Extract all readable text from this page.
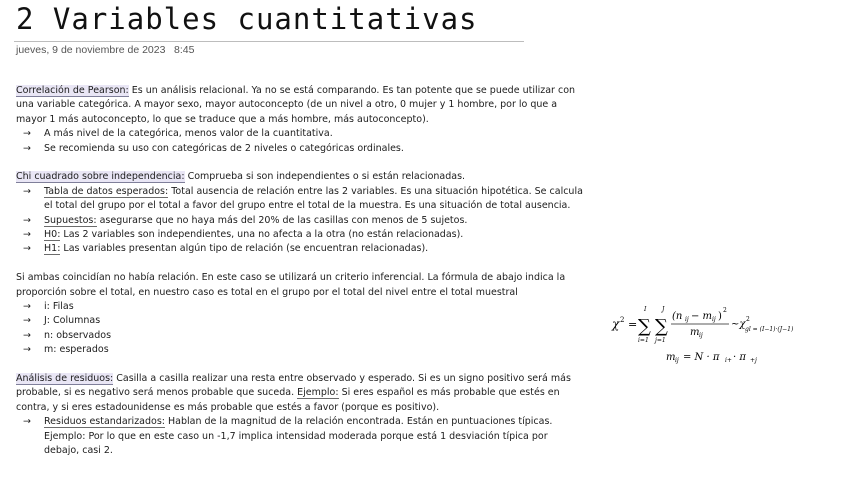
2 Variables cuantitativas
jueves, 9 de noviembre de 2023 8:45

Correlación de Pearson: Es un análisis relacional. Ya no se está comparando. Es tan potente que se puede utilizar con una variable categórica. A mayor sexo, mayor autoconcepto (de un nivel a otro, 0 mujer y 1 hombre, por lo que a mayor 1 más autoconcepto, lo que se traduce que a más hombre, más autoconcepto).

→ A más nivel de la categórica, menos valor de la cuantitativa.

→ Se recomienda su uso con categóricas de 2 niveles o categóricas ordinales.

Chi cuadrado sobre independencia: Comprueba si son independientes o si están relacionadas.

→ Tabla de datos esperados: Total ausencia de relación entre las 2 variables. Es una situación hipotética. Se calcula el total del grupo por el total a favor del grupo entre el total de la muestra. Es una situación de total ausencia.

→ Supuestos: asegurarse que no haya más del 20% de las casillas con menos de 5 sujetos.

→ H0: Las 2 variables son independientes, una no afecta a la otra (no están relacionadas).

→ H1: Las variables presentan algún tipo de relación (se encuentran relacionadas).

Si ambas coincidían no había relación. En este caso se utilizará un criterio inferencial. La fórmula de abajo indica la proporción sobre el total, en nuestro caso es total en el grupo por el total del nivel entre el total muestral

→ i: Filas

→ J: Columnas

→ n: observados

→ m: esperados

Análisis de residuos: Casilla a casilla realizar una resta entre observado y esperado. Si es un signo positivo será más probable, si es negativo será menos probable que suceda. Ejemplo: Si eres español es más probable que estés en contra, y si eres estadounidense es más probable que estés a favor (porque es positivo).

→ Residuos estandarizados: Hablan de la magnitud de la relación encontrada. Están en puntuaciones típicas. Ejemplo: Por lo que en este caso un -1,7 implica intensidad moderada porque está 1 desviación típica por debajo, casi 2.

χ 2 =
I
∑
i=1
J
∑
j=1
(n ij − m ij )
2
m ij
~χ 2
gl = (I−1)·(J−1)
m ij = N · π i+ · π +j
